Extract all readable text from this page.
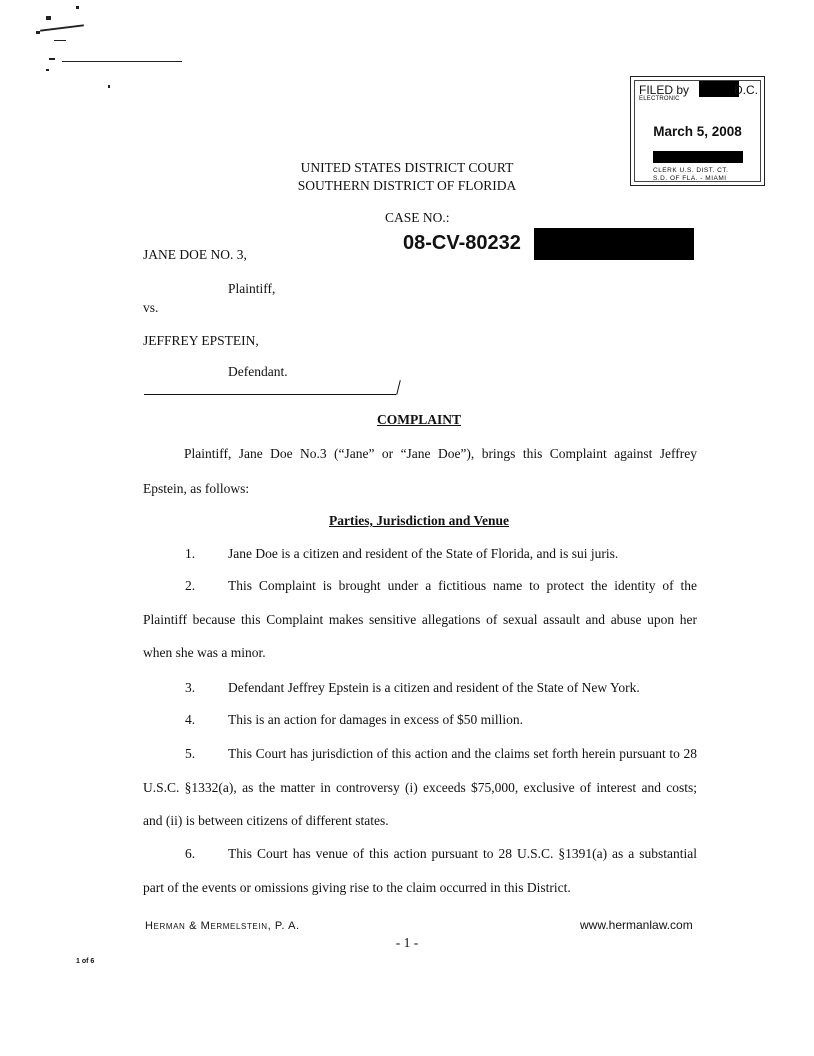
UNITED STATES DISTRICT COURT
SOUTHERN DISTRICT OF FLORIDA
FILED by
ELECTRONIC
D.C.
March 5, 2008
CLERK U.S. DIST. CT.
S.D. OF FLA. - MIAMI
CASE NO.:
08-CV-80232
JANE DOE NO. 3,
Plaintiff,
vs.
JEFFREY EPSTEIN,
Defendant.
COMPLAINT
Plaintiff, Jane Doe No.3 (“Jane” or “Jane Doe”), brings this Complaint against Jeffrey
Epstein, as follows:
Parties, Jurisdiction and Venue
1. Jane Doe is a citizen and resident of the State of Florida, and is sui juris.
2. This Complaint is brought under a fictitious name to protect the identity of the
Plaintiff because this Complaint makes sensitive allegations of sexual assault and abuse upon her
when she was a minor.
3. Defendant Jeffrey Epstein is a citizen and resident of the State of New York.
4. This is an action for damages in excess of $50 million.
5. This Court has jurisdiction of this action and the claims set forth herein pursuant to 28
U.S.C. §1332(a), as the matter in controversy (i) exceeds $75,000, exclusive of interest and costs;
and (ii) is between citizens of different states.
6. This Court has venue of this action pursuant to 28 U.S.C. §1391(a) as a substantial
part of the events or omissions giving rise to the claim occurred in this District.
Herman & Mermelstein, P. A.	www.hermanlaw.com
- 1 -
1 of 6
